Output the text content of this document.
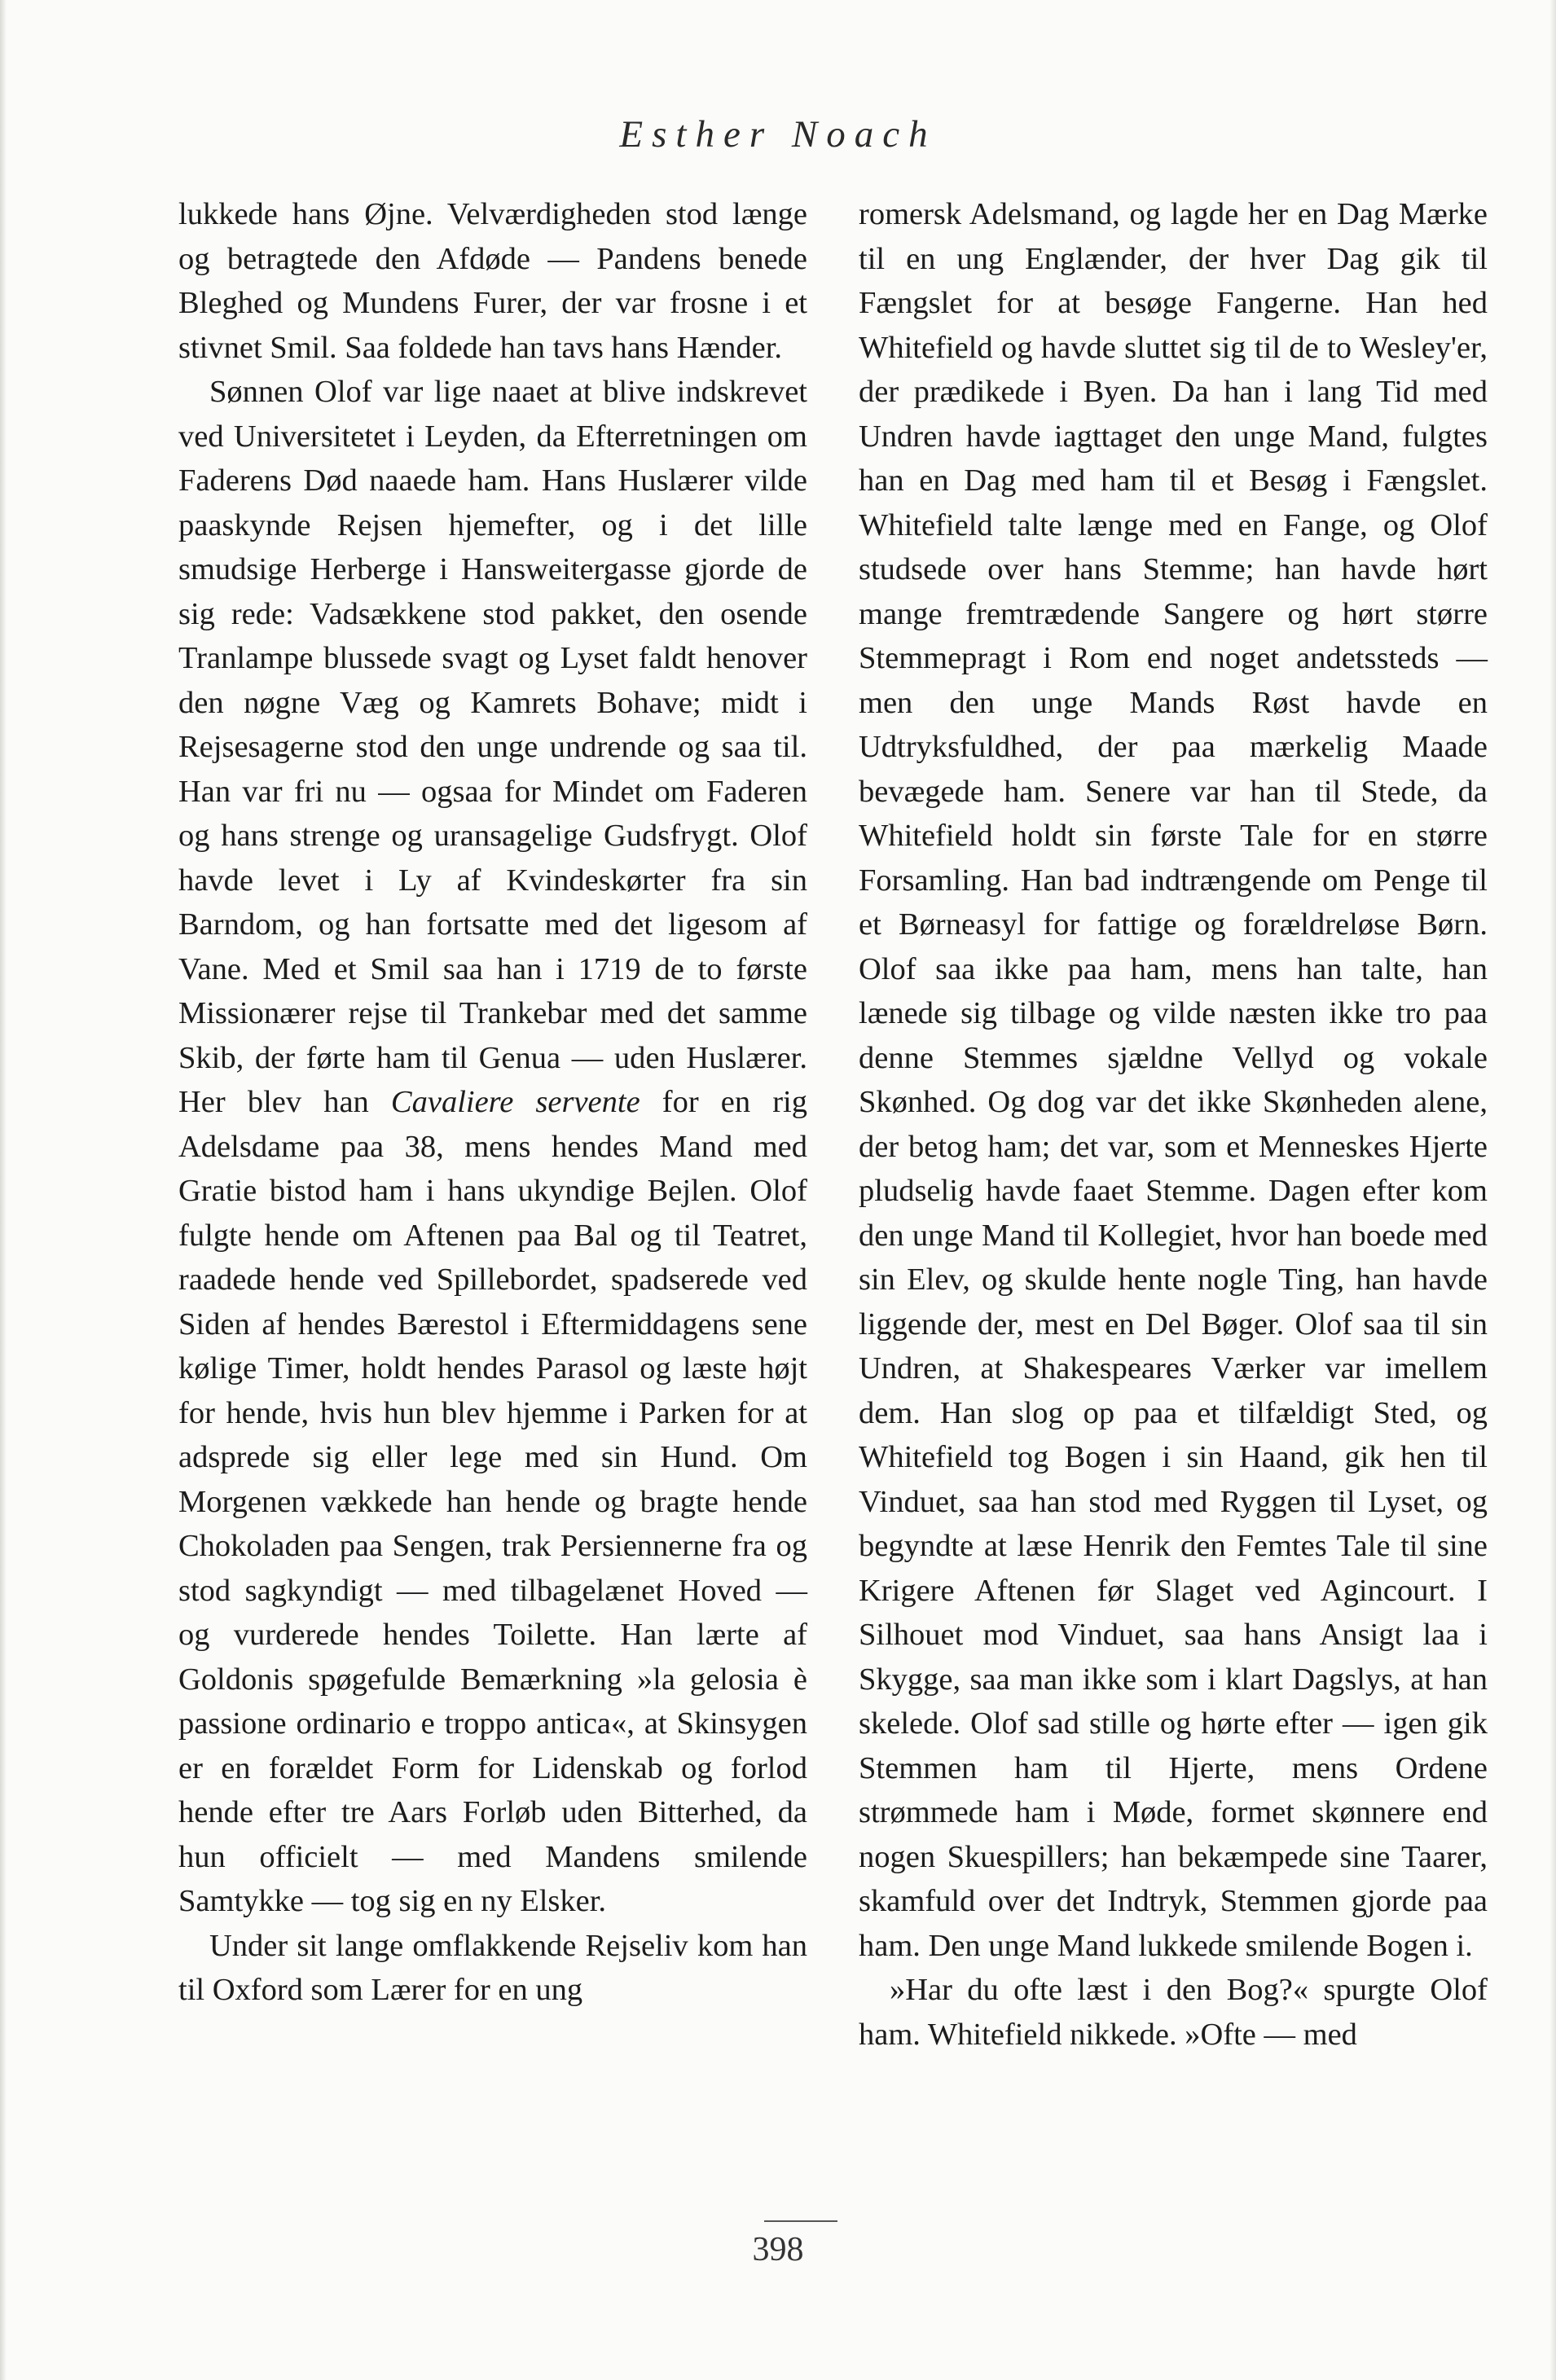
Esther Noach

lukkede hans Øjne. Velværdigheden stod længe og betragtede den Afdøde — Pandens benede Bleghed og Mundens Furer, der var frosne i et stivnet Smil. Saa foldede han tavs hans Hænder.

Sønnen Olof var lige naaet at blive indskrevet ved Universitetet i Leyden, da Efterretningen om Faderens Død naaede ham. Hans Huslærer vilde paaskynde Rejsen hjemefter, og i det lille smudsige Herberge i Hansweitergasse gjorde de sig rede: Vadsækkene stod pakket, den osende Tranlampe blussede svagt og Lyset faldt henover den nøgne Væg og Kamrets Bohave; midt i Rejsesagerne stod den unge undrende og saa til. Han var fri nu — ogsaa for Mindet om Faderen og hans strenge og uransagelige Gudsfrygt. Olof havde levet i Ly af Kvindeskørter fra sin Barndom, og han fortsatte med det ligesom af Vane. Med et Smil saa han i 1719 de to første Missionærer rejse til Trankebar med det samme Skib, der førte ham til Genua — uden Huslærer. Her blev han Cavaliere servente for en rig Adelsdame paa 38, mens hendes Mand med Gratie bistod ham i hans ukyndige Bejlen. Olof fulgte hende om Aftenen paa Bal og til Teatret, raadede hende ved Spillebordet, spadserede ved Siden af hendes Bærestol i Eftermiddagens sene kølige Timer, holdt hendes Parasol og læste højt for hende, hvis hun blev hjemme i Parken for at adsprede sig eller lege med sin Hund. Om Morgenen vækkede han hende og bragte hende Chokoladen paa Sengen, trak Persiennerne fra og stod sagkyndigt — med tilbagelænet Hoved — og vurderede hendes Toilette. Han lærte af Goldonis spøgefulde Bemærkning »la gelosia è passione ordinario e troppo antica«, at Skinsygen er en forældet Form for Lidenskab og forlod hende efter tre Aars Forløb uden Bitterhed, da hun officielt — med Mandens smilende Samtykke — tog sig en ny Elsker.

Under sit lange omflakkende Rejseliv kom han til Oxford som Lærer for en ung

romersk Adelsmand, og lagde her en Dag Mærke til en ung Englænder, der hver Dag gik til Fængslet for at besøge Fangerne. Han hed Whitefield og havde sluttet sig til de to Wesley'er, der prædikede i Byen. Da han i lang Tid med Undren havde iagttaget den unge Mand, fulgtes han en Dag med ham til et Besøg i Fængslet. Whitefield talte længe med en Fange, og Olof studsede over hans Stemme; han havde hørt mange fremtrædende Sangere og hørt større Stemmepragt i Rom end noget andetssteds — men den unge Mands Røst havde en Udtryksfuldhed, der paa mærkelig Maade bevægede ham. Senere var han til Stede, da Whitefield holdt sin første Tale for en større Forsamling. Han bad indtrængende om Penge til et Børneasyl for fattige og forældreløse Børn. Olof saa ikke paa ham, mens han talte, han lænede sig tilbage og vilde næsten ikke tro paa denne Stemmes sjældne Vellyd og vokale Skønhed. Og dog var det ikke Skønheden alene, der betog ham; det var, som et Menneskes Hjerte pludselig havde faaet Stemme. Dagen efter kom den unge Mand til Kollegiet, hvor han boede med sin Elev, og skulde hente nogle Ting, han havde liggende der, mest en Del Bøger. Olof saa til sin Undren, at Shakespeares Værker var imellem dem. Han slog op paa et tilfældigt Sted, og Whitefield tog Bogen i sin Haand, gik hen til Vinduet, saa han stod med Ryggen til Lyset, og begyndte at læse Henrik den Femtes Tale til sine Krigere Aftenen før Slaget ved Agincourt. I Silhouet mod Vinduet, saa hans Ansigt laa i Skygge, saa man ikke som i klart Dagslys, at han skelede. Olof sad stille og hørte efter — igen gik Stemmen ham til Hjerte, mens Ordene strømmede ham i Møde, formet skønnere end nogen Skuespillers; han bekæmpede sine Taarer, skamfuld over det Indtryk, Stemmen gjorde paa ham. Den unge Mand lukkede smilende Bogen i.

»Har du ofte læst i den Bog?« spurgte Olof ham. Whitefield nikkede. »Ofte — med

398
